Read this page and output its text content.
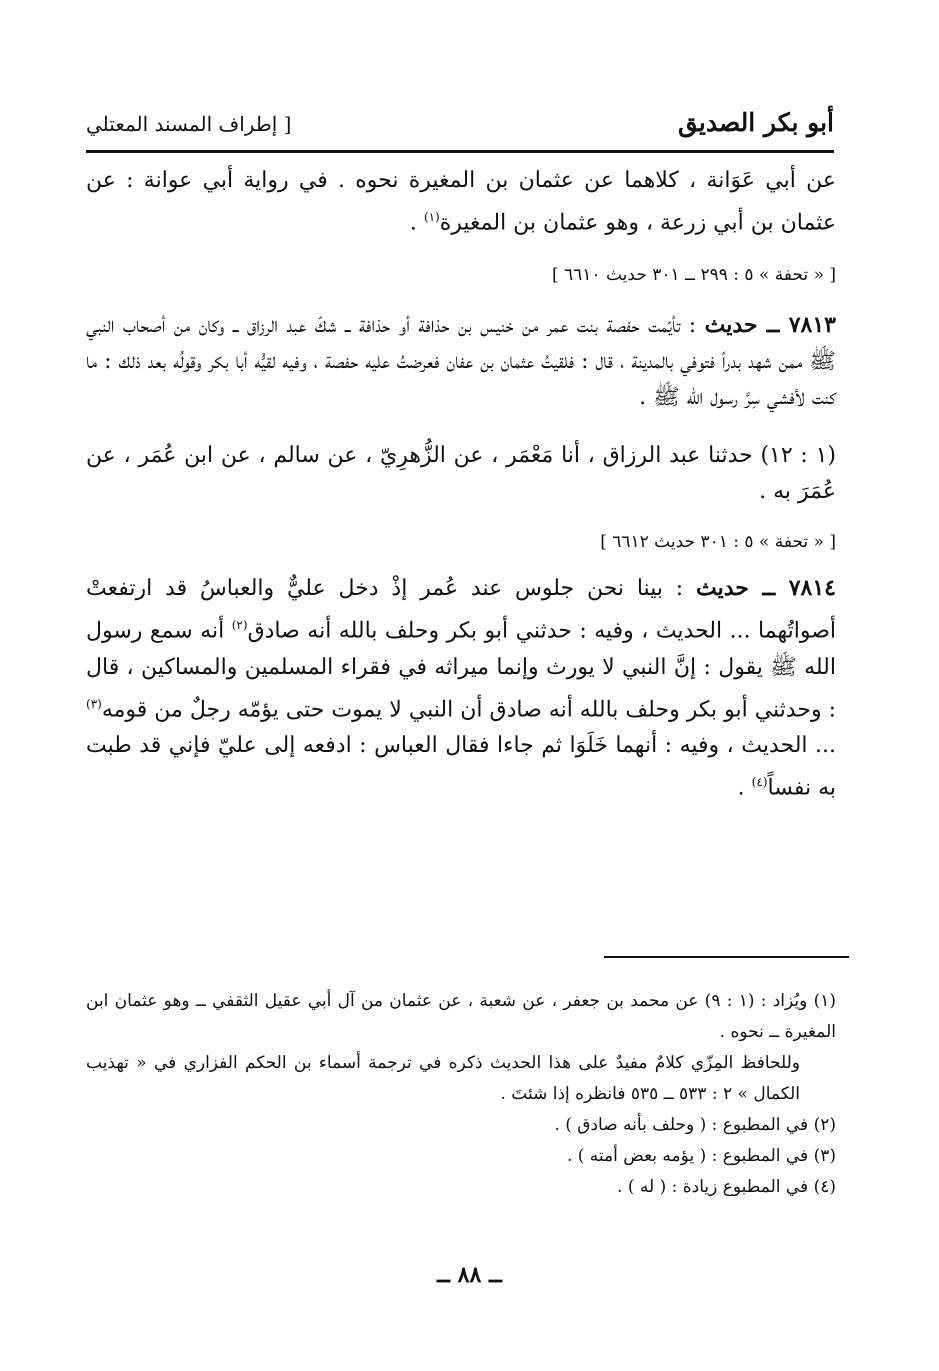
أبو بكر الصديق
[ إطراف المسند المعتلي

عن أبي عَوَانة ، كلاهما عن عثمان بن المغيرة نحوه . في رواية أبي عوانة : عن عثمان بن أبي زرعة ، وهو عثمان بن المغيرة$^{(١)}$ .

[ « تحفة » ٥ : ٢٩٩ ــ ٣٠١ حديث ٦٦١٠ ]

٧٨١٣ ــ حديث : تأيّمت حفصة بنت عمر من خنيس بن حذافة أو حذافة ــ شكّ عبد الرزاق ــ وكان من أصحاب النبي ﷺ ممن شهد بدراً فتوفي بالمدينة ، قال : فلقيتُ عثمان بن عفان فعرضتُ عليه حفصة ، وفيه لقيُّه أبا بكر وقولُه بعد ذلك : ما كنت لأفشي سِرَّ رسول الله ﷺ .

(١ : ١٢) حدثنا عبد الرزاق ، أنا مَعْمَر ، عن الزُّهرِيّ ، عن سالم ، عن ابن عُمَر ، عن عُمَرَ به .

[ « تحفة » ٥ : ٣٠١ حديث ٦٦١٢ ]

٧٨١٤ ــ حديث : بينا نحن جلوس عند عُمر إذْ دخل عليٌّ والعباسُ قد ارتفعتْ أصواتُهما ... الحديث ، وفيه : حدثني أبو بكر وحلف بالله أنه صادق$^{(٢)}$ أنه سمع رسول الله ﷺ يقول : إنَّ النبي لا يورث وإنما ميراثه في فقراء المسلمين والمساكين ، قال : وحدثني أبو بكر وحلف بالله أنه صادق أن النبي لا يموت حتى يؤمّه رجلٌ من قومه$^{(٣)}$ ... الحديث ، وفيه : أنهما خَلَوَا ثم جاءا فقال العباس : ادفعه إلى عليّ فإني قد طبت به نفساً$^{(٤)}$ .

(١) ويُزاد : (١ : ٩) عن محمد بن جعفر ، عن شعبة ، عن عثمان من آل أبي عقيل الثقفي ــ وهو عثمان ابن المغيرة ــ نحوه .

وللحافظ المِزّي كلامٌ مفيدٌ على هذا الحديث ذكره في ترجمة أسماء بن الحكم الفزاري في « تهذيب الكمال » ٢ : ٥٣٣ ــ ٥٣٥ فانظره إذا شئتَ .

(٢) في المطبوع : ( وحلف بأنه صادق ) .

(٣) في المطبوع : ( يؤمه بعض أمته ) .

(٤) في المطبوع زيادة : ( له ) .

ــ ٨٨ ــ
